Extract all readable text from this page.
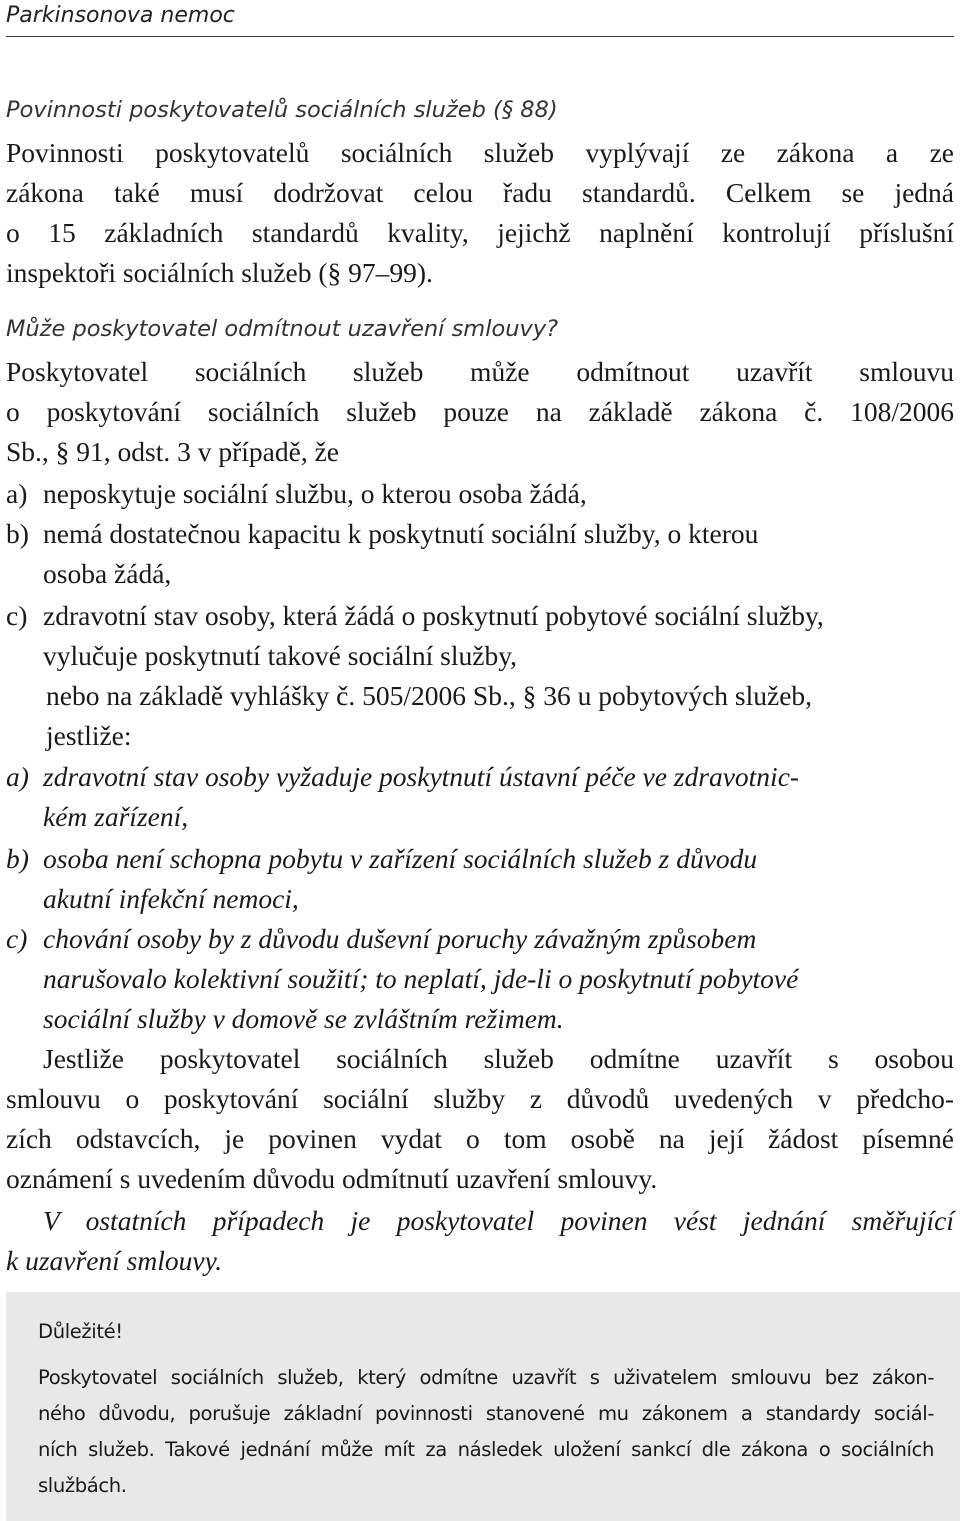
Parkinsonova nemoc
Povinnosti poskytovatelů sociálních služeb (§ 88)
Povinnosti poskytovatelů sociálních služeb vyplývají ze zákona a ze
zákona také musí dodržovat celou řadu standardů. Celkem se jedná
o 15 základních standardů kvality, jejichž naplnění kontrolují příslušní
inspektoři sociálních služeb (§ 97–99).
Může poskytovatel odmítnout uzavření smlouvy?
Poskytovatel sociálních služeb může odmítnout uzavřít smlouvu
o poskytování sociálních služeb pouze na základě zákona č. 108/2006
Sb., § 91, odst. 3 v případě, že
a) neposkytuje sociální službu, o kterou osoba žádá,
b) nemá dostatečnou kapacitu k poskytnutí sociální služby, o kterou
osoba žádá,
c) zdravotní stav osoby, která žádá o poskytnutí pobytové sociální služby,
vylučuje poskytnutí takové sociální služby,
nebo na základě vyhlášky č. 505/2006 Sb., § 36 u pobytových služeb,
jestliže:
a) zdravotní stav osoby vyžaduje poskytnutí ústavní péče ve zdravotnic-
kém zařízení,
b) osoba není schopna pobytu v zařízení sociálních služeb z důvodu
akutní infekční nemoci,
c) chování osoby by z důvodu duševní poruchy závažným způsobem
narušovalo kolektivní soužití; to neplatí, jde-li o poskytnutí pobytové
sociální služby v domově se zvláštním režimem.
Jestliže poskytovatel sociálních služeb odmítne uzavřít s osobou
smlouvu o poskytování sociální služby z důvodů uvedených v předcho-
zích odstavcích, je povinen vydat o tom osobě na její žádost písemné
oznámení s uvedením důvodu odmítnutí uzavření smlouvy.
V ostatních případech je poskytovatel povinen vést jednání směřující
k uzavření smlouvy.
Důležité!
Poskytovatel sociálních služeb, který odmítne uzavřít s uživatelem smlouvu bez zákon-
ného důvodu, porušuje základní povinnosti stanovené mu zákonem a standardy sociál-
ních služeb. Takové jednání může mít za následek uložení sankcí dle zákona o sociálních
službách.
